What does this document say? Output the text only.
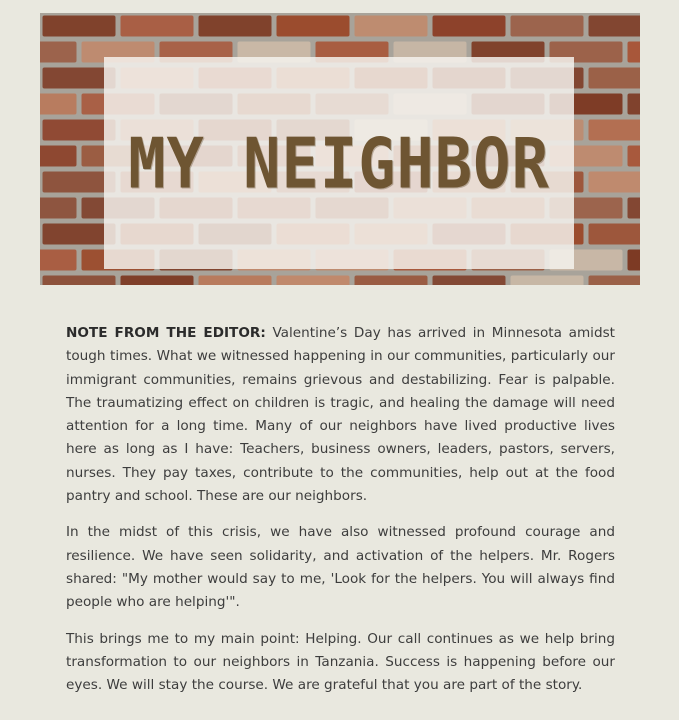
MY NEIGHBOR

NOTE FROM THE EDITOR: Valentine’s Day has arrived in Minnesota amidst tough times. What we witnessed happening in our communities, particularly our immigrant communities, remains grievous and destabilizing. Fear is palpable. The traumatizing effect on children is tragic, and healing the damage will need attention for a long time. Many of our neighbors have lived productive lives here as long as I have: Teachers, business owners, leaders, pastors, servers, nurses. They pay taxes, contribute to the communities, help out at the food pantry and school. These are our neighbors.

In the midst of this crisis, we have also witnessed profound courage and resilience. We have seen solidarity, and activation of the helpers. Mr. Rogers shared: "My mother would say to me, 'Look for the helpers. You will always find people who are helping'".

This brings me to my main point: Helping. Our call continues as we help bring transformation to our neighbors in Tanzania. Success is happening before our eyes. We will stay the course. We are grateful that you are part of the story.
